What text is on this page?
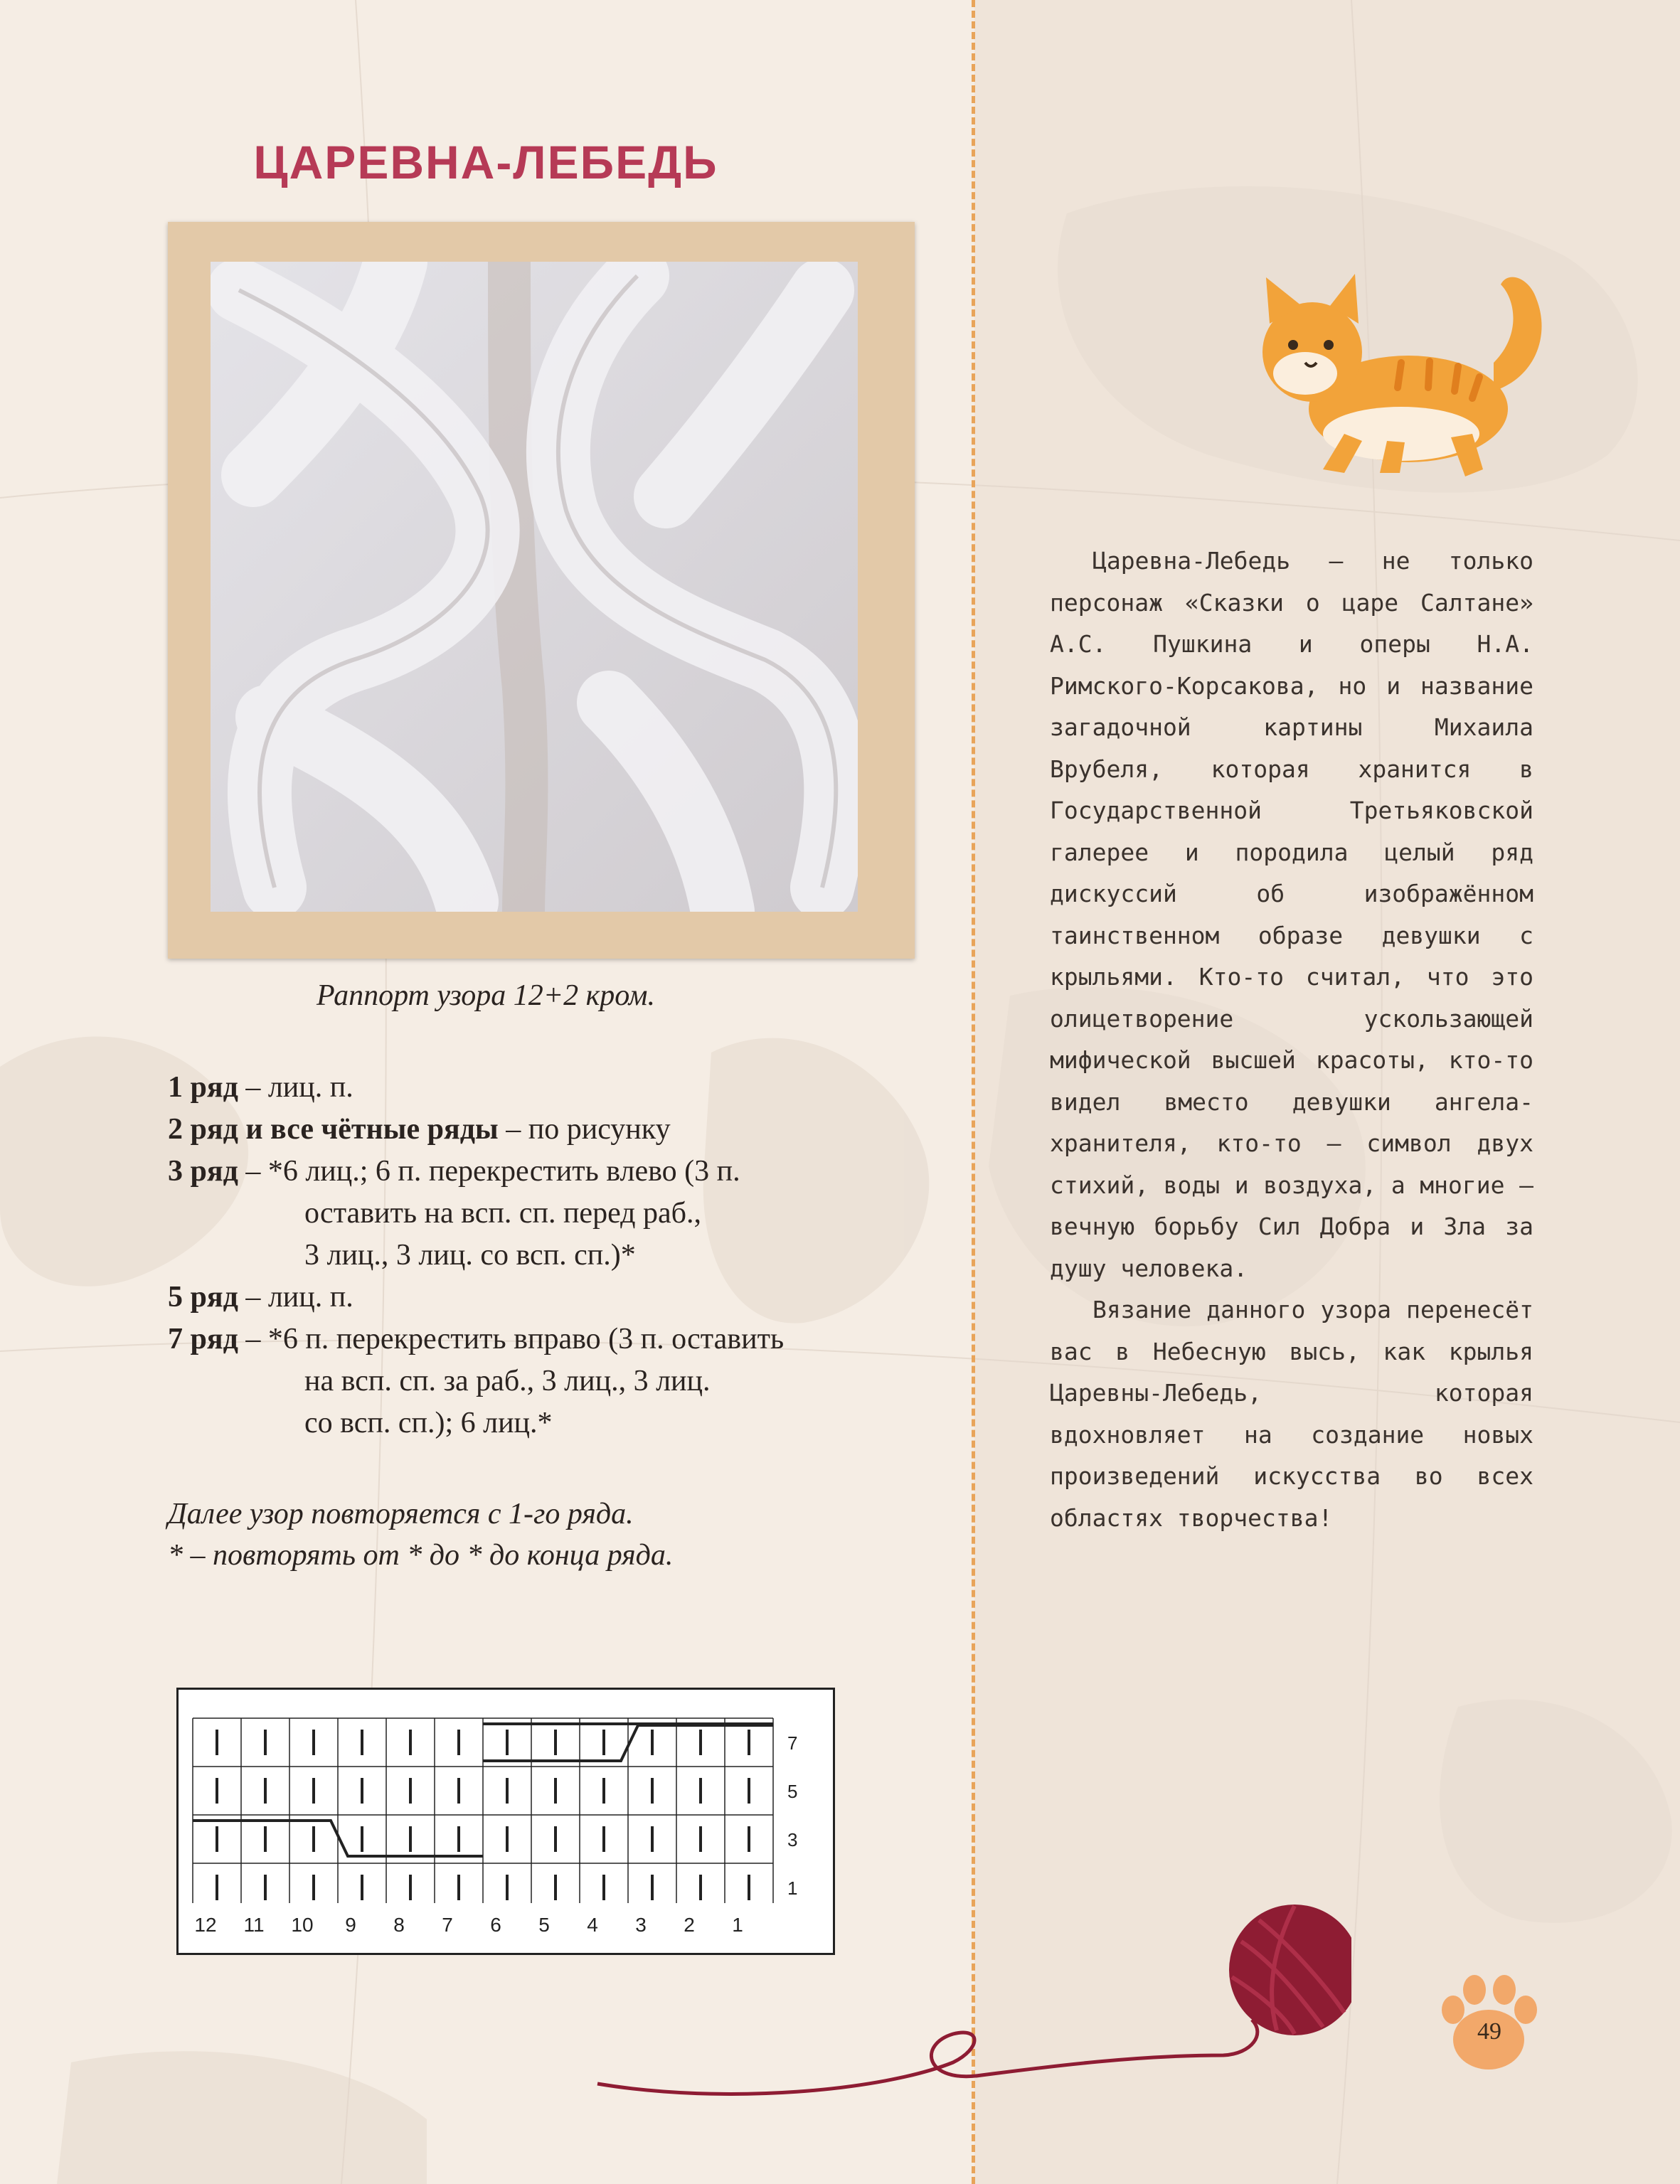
ЦАРЕВНА-ЛЕБЕДЬ
Раппорт узора 12+2 кром.
1 ряд – лиц. п.
2 ряд и все чётные ряды – по рисунку
3 ряд – *6 лиц.; 6 п. перекрестить влево (3 п.
оставить на всп. сп. перед раб.,
3 лиц., 3 лиц. со всп. сп.)*
5 ряд – лиц. п.
7 ряд – *6 п. перекрестить вправо (3 п. оставить
на всп. сп. за раб., 3 лиц., 3 лиц.
со всп. сп.); 6 лиц.*
Далее узор повторяется с 1-го ряда.
* – повторять от * до * до конца ряда.
7
5
3
1
12	11	10	9	8	7	6	5	4	3	2	1

Царевна-Лебедь – не только персонаж «Сказки о царе Салтане» А.С. Пушкина и оперы Н.А. Римского-Корсакова, но и название загадочной картины Михаила Врубеля, которая хранится в Государственной Третьяковской галерее и породила целый ряд дискуссий об изображённом таинственном образе девушки с крыльями. Кто-то считал, что это олицетворение ускользающей мифической высшей красоты, кто-то видел вместо девушки ангела-хранителя, кто-то – символ двух стихий, воды и воздуха, а многие – вечную борьбу Сил Добра и Зла за душу человека.

Вязание данного узора перенесёт вас в Небесную высь, как крылья Царевны-Лебедь, которая вдохновляет на создание новых произведений искусства во всех областях творчества!

49
